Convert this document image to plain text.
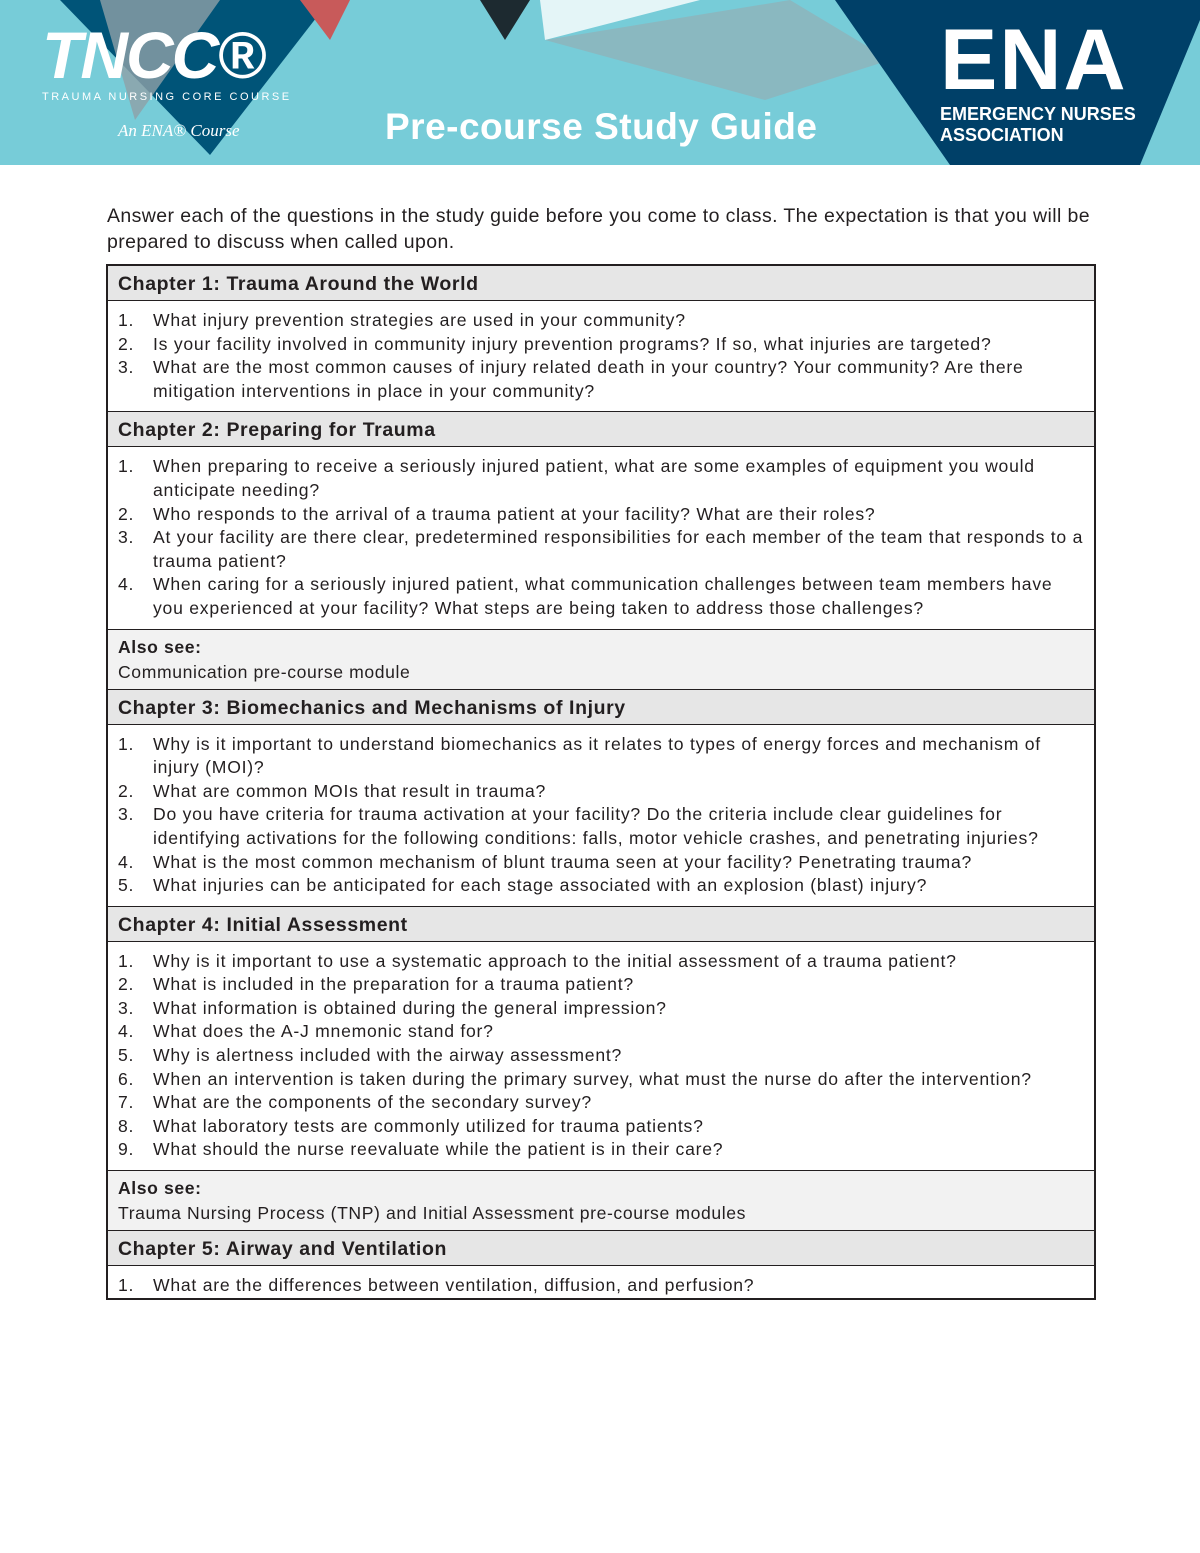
TNCC®
TRAUMA NURSING CORE COURSE
An ENA® Course	Pre-course Study Guide
ENA
EMERGENCY NURSES
ASSOCIATION
Answer each of the questions in the study guide before you come to class. The expectation is that you will be prepared to discuss when called upon.
Chapter 1: Trauma Around the World
1.	What injury prevention strategies are used in your community?
2.	Is your facility involved in community injury prevention programs? If so, what injuries are targeted?
3.	What are the most common causes of injury related death in your country? Your community? Are there mitigation interventions in place in your community?
Chapter 2: Preparing for Trauma
1.	When preparing to receive a seriously injured patient, what are some examples of equipment you would anticipate needing?
2.	Who responds to the arrival of a trauma patient at your facility? What are their roles?
3.	At your facility are there clear, predetermined responsibilities for each member of the team that responds to a trauma patient?
4.	When caring for a seriously injured patient, what communication challenges between team members have you experienced at your facility? What steps are being taken to address those challenges?
Also see:
Communication pre-course module
Chapter 3: Biomechanics and Mechanisms of Injury
1.	Why is it important to understand biomechanics as it relates to types of energy forces and mechanism of injury (MOI)?
2.	What are common MOIs that result in trauma?
3.	Do you have criteria for trauma activation at your facility? Do the criteria include clear guidelines for identifying activations for the following conditions: falls, motor vehicle crashes, and penetrating injuries?
4.	What is the most common mechanism of blunt trauma seen at your facility? Penetrating trauma?
5.	What injuries can be anticipated for each stage associated with an explosion (blast) injury?
Chapter 4: Initial Assessment
1.	Why is it important to use a systematic approach to the initial assessment of a trauma patient?
2.	What is included in the preparation for a trauma patient?
3.	What information is obtained during the general impression?
4.	What does the A-J mnemonic stand for?
5.	Why is alertness included with the airway assessment?
6.	When an intervention is taken during the primary survey, what must the nurse do after the intervention?
7.	What are the components of the secondary survey?
8.	What laboratory tests are commonly utilized for trauma patients?
9.	What should the nurse reevaluate while the patient is in their care?
Also see:
Trauma Nursing Process (TNP) and Initial Assessment pre-course modules
Chapter 5: Airway and Ventilation
1.	What are the differences between ventilation, diffusion, and perfusion?
